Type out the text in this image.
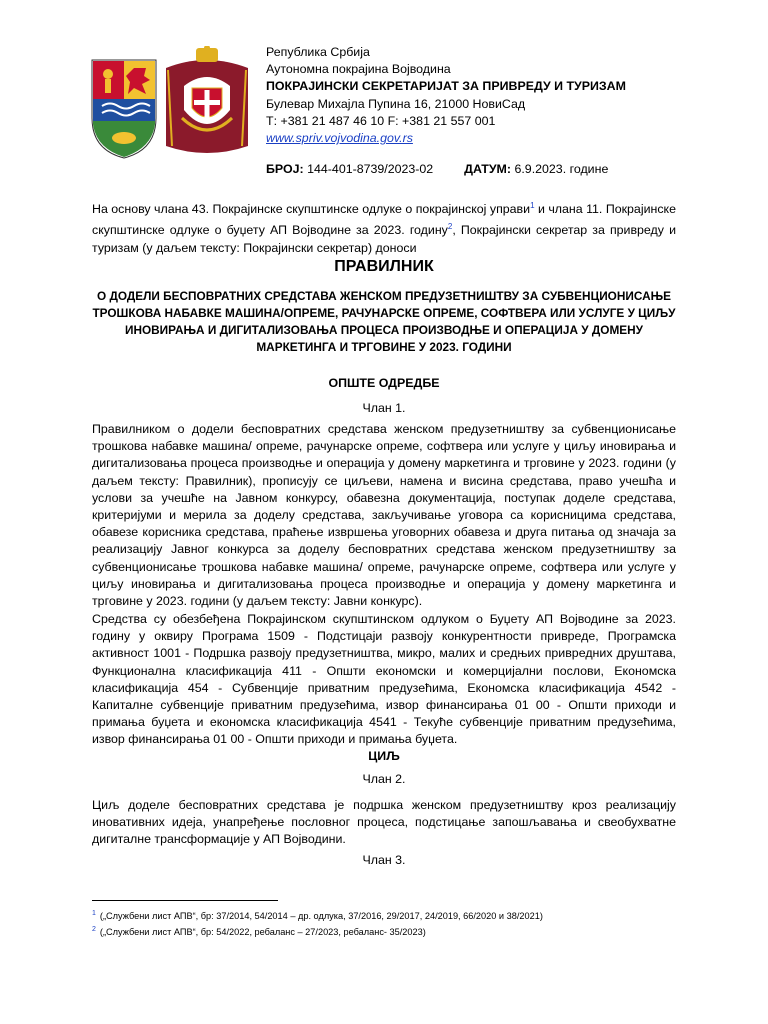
Република Србија
Аутономна покрајина Војводина
ПОКРАЈИНСКИ СЕКРЕТАРИЈАТ ЗА ПРИВРЕДУ И ТУРИЗАМ
Булевар Михајла Пупина 16, 21000 НовиСад
Т: +381 21 487 46 10 F: +381 21 557 001
www.spriv.vojvodina.gov.rs
БРОЈ: 144-401-8739/2023-02 ДАТУМ: 6.9.2023. године
На основу члана 43. Покрајинске скупштинске одлуке о покрајинској управи$^1$ и члана 11. Покрајинске скупштинске одлуке о буџету АП Војводине за 2023. годину$^2$, Покрајински секретар за привреду и туризам (у даљем тексту: Покрајински секретар) доноси
ПРАВИЛНИК
О ДОДЕЛИ БЕСПОВРАТНИХ СРЕДСТАВА ЖЕНСКОМ ПРЕДУЗЕТНИШТВУ ЗА СУБВЕНЦИОНИСАЊЕ ТРОШКОВА НАБАВКЕ МАШИНА/ОПРЕМЕ, РАЧУНАРСКЕ ОПРЕМЕ, СОФТВЕРА ИЛИ УСЛУГЕ У ЦИЉУ ИНОВИРАЊА И ДИГИТАЛИЗОВАЊА ПРОЦЕСА ПРОИЗВОДЊЕ И ОПЕРАЦИЈА У ДОМЕНУ МАРКЕТИНГА И ТРГОВИНЕ У 2023. ГОДИНИ
ОПШТЕ ОДРЕДБЕ
Члан 1.
Правилником о додели бесповратних средстава женском предузетништву за субвенционисање трошкова набавке машина/ опреме, рачунарске опреме, софтвера или услуге у циљу иновирања и дигитализовања процеса производње и операција у домену маркетинга и трговине у 2023. години (у даљем тексту: Правилник), прописују се циљеви, намена и висина средстава, право учешћа и услови за учешће на Јавном конкурсу, обавезна документација, поступак доделе средстава, критеријуми и мерила за доделу средстава, закључивање уговора са корисницима средстава, обавезе корисника средстава, праћење извршења уговорних обавеза и друга питања од значаја за реализацију Јавног конкурса за доделу бесповратних средстава женском предузетништву за субвенционисање трошкова набавке машина/ опреме, рачунарске опреме, софтвера или услуге у циљу иновирања и дигитализовања процеса производње и операција у домену маркетинга и трговине у 2023. години (у даљем тексту: Јавни конкурс).
Средства су обезбеђена Покрајинском скупштинском одлуком о Буџету АП Војводине за 2023. годину у оквиру Програма 1509 - Подстицаји развоју конкурентности привреде, Програмска активност 1001 - Подршка развоју предузетништва, микро, малих и средњих привредних друштава, Функционална класификација 411 - Општи економски и комерцијални послови, Економска класификација 454 - Субвенције приватним предузећима, Економска класификација 4542 - Капиталне субвенције приватним предузећима, извор финансирања 01 00 - Општи приходи и примања буџета и економска класификација 4541 - Текуће субвенције приватним предузећима, извор финансирања 01 00 - Општи приходи и примања буџета.
ЦИЉ
Члан 2.
Циљ доделе бесповратних средстава је подршка женском предузетништву кроз реализацију иновативних идеја, унапређење пословног процеса, подстицање запошљавања и свеобухватне дигиталне трансформације у АП Војводини.
Члан 3.
$^1$ („Службени лист АПВ“, бр: 37/2014, 54/2014 – др. одлука, 37/2016, 29/2017, 24/2019, 66/2020 и 38/2021)
$^2$ („Службени лист АПВ“, бр: 54/2022, ребаланс – 27/2023, ребаланс- 35/2023)
